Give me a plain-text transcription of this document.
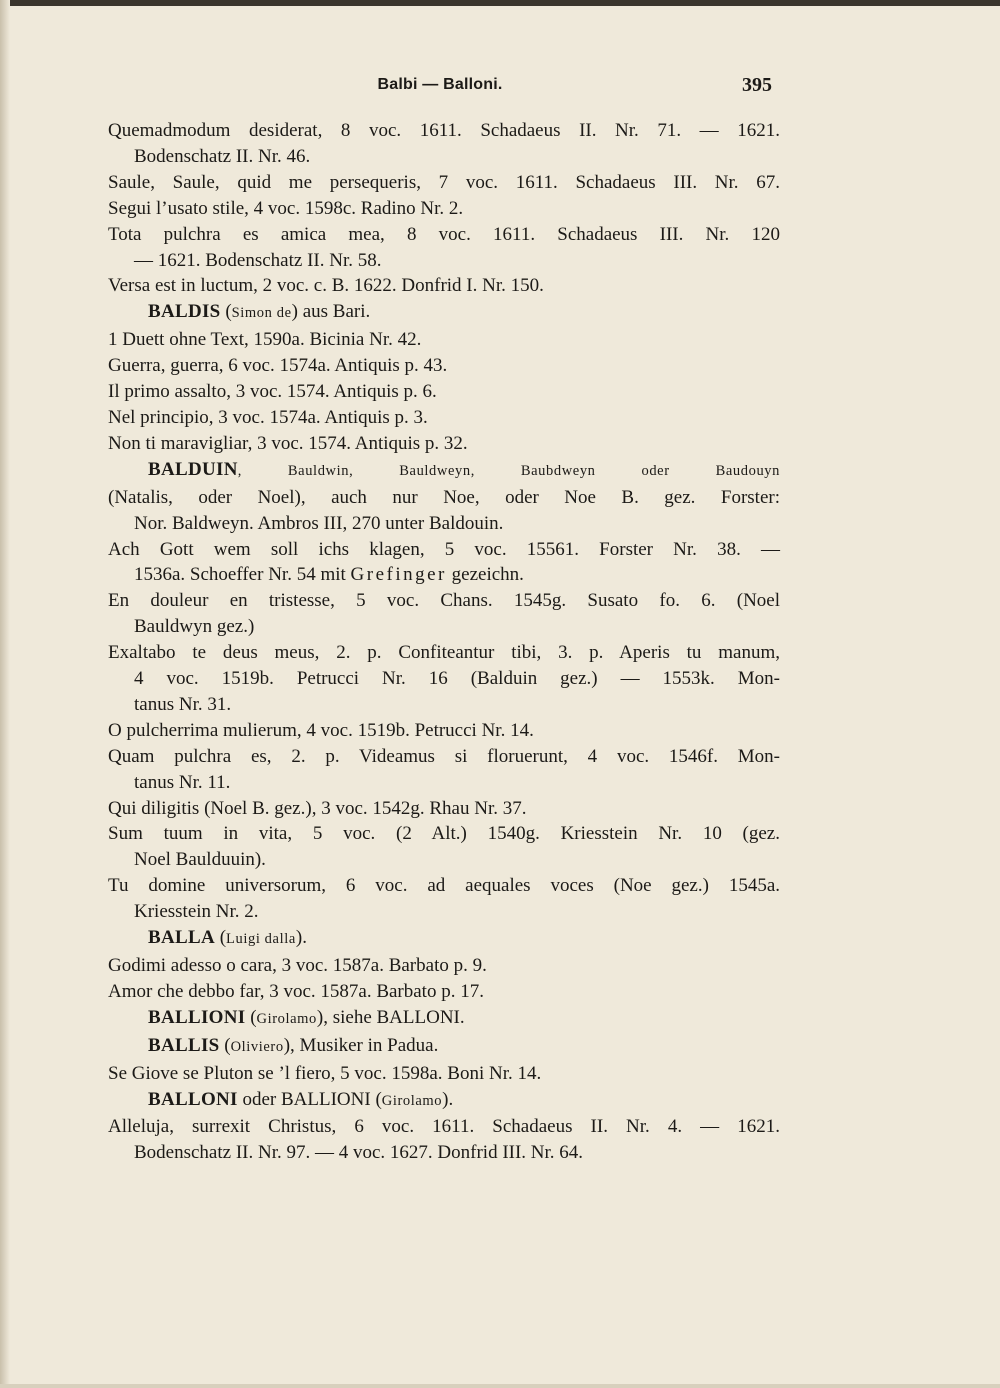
Balbi — Balloni.	395
Quemadmodum desiderat, 8 voc. 1611. Schadaeus II. Nr. 71. — 1621.
Bodenschatz II. Nr. 46.
Saule, Saule, quid me persequeris, 7 voc. 1611. Schadaeus III. Nr. 67.
Segui l’usato stile, 4 voc. 1598c. Radino Nr. 2.
Tota pulchra es amica mea, 8 voc. 1611. Schadaeus III. Nr. 120
— 1621. Bodenschatz II. Nr. 58.
Versa est in luctum, 2 voc. c. B. 1622. Donfrid I. Nr. 150.
BALDIS (Simon de) aus Bari.
1 Duett ohne Text, 1590a. Bicinia Nr. 42.
Guerra, guerra, 6 voc. 1574a. Antiquis p. 43.
Il primo assalto, 3 voc. 1574. Antiquis p. 6.
Nel principio, 3 voc. 1574a. Antiquis p. 3.
Non ti maravigliar, 3 voc. 1574. Antiquis p. 32.
BALDUIN, Bauldwin, Bauldweyn, Baubdweyn oder Baudouyn
(Natalis, oder Noel), auch nur Noe, oder Noe B. gez. Forster:
Nor. Baldweyn. Ambros III, 270 unter Baldouin.
Ach Gott wem soll ichs klagen, 5 voc. 15561. Forster Nr. 38. —
1536a. Schoeffer Nr. 54 mit Grefinger gezeichn.
En douleur en tristesse, 5 voc. Chans. 1545g. Susato fo. 6. (Noel
Bauldwyn gez.)
Exaltabo te deus meus, 2. p. Confiteantur tibi, 3. p. Aperis tu manum,
4 voc. 1519b. Petrucci Nr. 16 (Balduin gez.) — 1553k. Mon-
tanus Nr. 31.
O pulcherrima mulierum, 4 voc. 1519b. Petrucci Nr. 14.
Quam pulchra es, 2. p. Videamus si floruerunt, 4 voc. 1546f. Mon-
tanus Nr. 11.
Qui diligitis (Noel B. gez.), 3 voc. 1542g. Rhau Nr. 37.
Sum tuum in vita, 5 voc. (2 Alt.) 1540g. Kriesstein Nr. 10 (gez.
Noel Baulduuin).
Tu domine universorum, 6 voc. ad aequales voces (Noe gez.) 1545a.
Kriesstein Nr. 2.
BALLA (Luigi dalla).
Godimi adesso o cara, 3 voc. 1587a. Barbato p. 9.
Amor che debbo far, 3 voc. 1587a. Barbato p. 17.
BALLIONI (Girolamo), siehe BALLONI.
BALLIS (Oliviero), Musiker in Padua.
Se Giove se Pluton se ’l fiero, 5 voc. 1598a. Boni Nr. 14.
BALLONI oder BALLIONI (Girolamo).
Alleluja, surrexit Christus, 6 voc. 1611. Schadaeus II. Nr. 4. — 1621.
Bodenschatz II. Nr. 97. — 4 voc. 1627. Donfrid III. Nr. 64.
